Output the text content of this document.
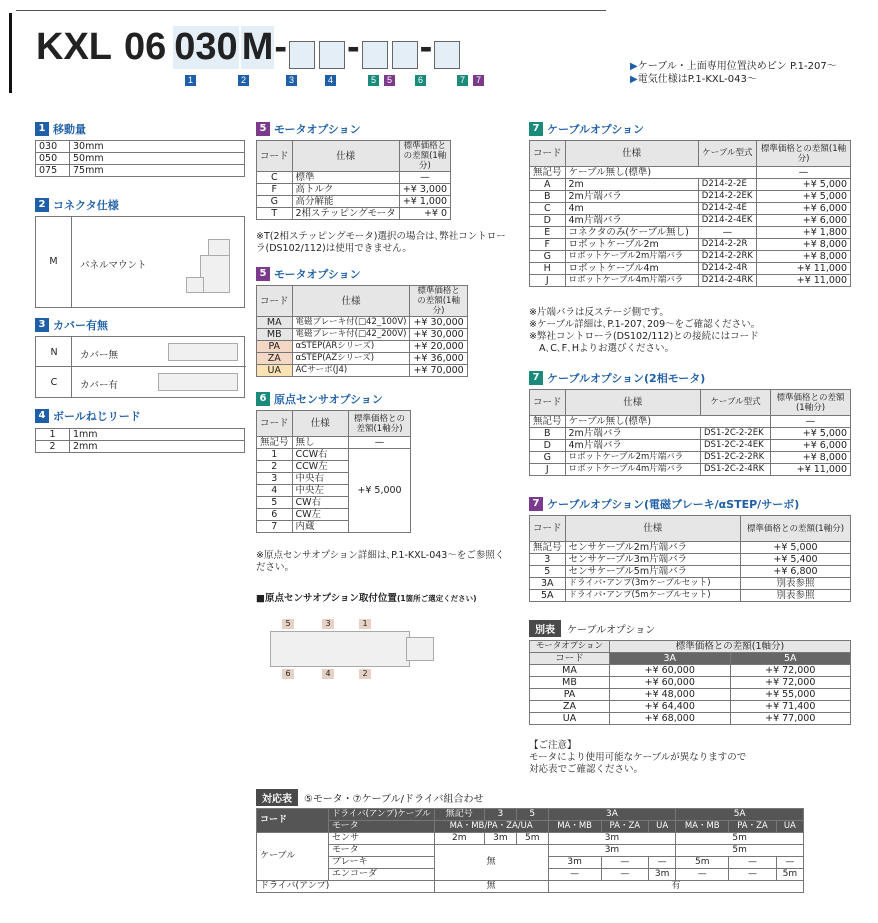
KXL 06 030 M - - -
1	2	3	4	5	5	6	7	7
▶ケーブル・上面専用位置決めピン P.1-207〜
▶電気仕様はP.1-KXL-043〜
1 移動量
030	30mm
050	50mm
075	75mm
2 コネクタ仕様
M	パネルマウント
3 カバー有無
N	カバー無
C	カバー有
4 ボールねじリード
1	1mm
2	2mm
5 モータオプション
コード	仕様	標準価格との差額(1軸分)
C	標準	—
F	高トルク	+¥ 3,000
G	高分解能	+¥ 1,000
T	2相ステッピングモータ	+¥ 0
※T(2相ステッピングモータ)選択の場合は､弊社コントローラ(DS102/112)は使用できません。
5 モータオプション
コード	仕様	標準価格との差額(1軸分)
MA	電磁ブレーキ付(□42_100V)	+¥ 30,000
MB	電磁ブレーキ付(□42_200V)	+¥ 30,000
PA	αSTEP(ARシリーズ)	+¥ 20,000
ZA	αSTEP(AZシリーズ)	+¥ 36,000
UA	ACサーボ(J4)	+¥ 70,000
6 原点センサオプション
コード	仕様	標準価格との差額(1軸分)
無記号	無し	—
1	CCW右	+¥ 5,000
2	CCW左	
3	中央右	
4	中央左	
5	CW右	
6	CW左	
7	内蔵	
※原点センサオプション詳細は､P.1-KXL-043〜をご参照ください。
■原点センサオプション取付位置(1箇所ご選定ください)
5	3	1
6	4	2
7 ケーブルオプション
コード	仕様	ケーブル型式	標準価格との差額(1軸分)
無記号	ケーブル無し(標準)		—
A	2m	D214-2-2E	+¥ 5,000
B	2m片端バラ	D214-2-2EK	+¥ 5,000
C	4m	D214-2-4E	+¥ 6,000
D	4m片端バラ	D214-2-4EK	+¥ 6,000
E	コネクタのみ(ケーブル無し)	—	+¥ 1,800
F	ロボットケーブル2m	D214-2-2R	+¥ 8,000
G	ロボットケーブル2m片端バラ	D214-2-2RK	+¥ 8,000
H	ロボットケーブル4m	D214-2-4R	+¥ 11,000
J	ロボットケーブル4m片端バラ	D214-2-4RK	+¥ 11,000
※片端バラは反ステージ側です。
※ケーブル詳細は､P.1-207､209〜をご確認ください。
※弊社コントローラ(DS102/112)との接続にはコード
A､C､F､Hよりお選びください。
7 ケーブルオプション(2相モータ)
コード	仕様	ケーブル型式	標準価格との差額(1軸分)
無記号	ケーブル無し(標準)		—
B	2m片端バラ	DS1-2C-2-2EK	+¥ 5,000
D	4m片端バラ	DS1-2C-2-4EK	+¥ 6,000
G	ロボットケーブル2m片端バラ	DS1-2C-2-2RK	+¥ 8,000
J	ロボットケーブル4m片端バラ	DS1-2C-2-4RK	+¥ 11,000
7 ケーブルオプション(電磁ブレーキ/αSTEP/サーボ)
コード	仕様	標準価格との差額(1軸分)
無記号	センサケーブル2m片端バラ	+¥ 5,000
3	センサケーブル3m片端バラ	+¥ 5,400
5	センサケーブル5m片端バラ	+¥ 6,800
3A	ドライバ･アンプ(3mケーブルセット)	別表参照
5A	ドライバ･アンプ(5mケーブルセット)	別表参照
別表	ケーブルオプション
モータオプション	標準価格との差額(1軸分)	
コード	3A	5A
MA	+¥ 60,000	+¥ 72,000
MB	+¥ 60,000	+¥ 72,000
PA	+¥ 48,000	+¥ 55,000
ZA	+¥ 64,400	+¥ 71,400
UA	+¥ 68,000	+¥ 77,000
【ご注意】
モータにより使用可能なケーブルが異なりますので
対応表でご確認ください。
対応表	⑤モータ・⑦ケーブル/ドライバ組合わせ
コード	ドライバ(アンプ)ケーブル	無記号	3	5	3A			5A		
	モータ	MA・MB/PA・ZA/UA			MA・MB	PA・ZA	UA	MA・MB	PA・ZA	UA
ケーブル	センサ	2m	3m	5m	3m			5m		
	モータ	無			3m			5m		
	ブレーキ				3m	—	—	5m	—	—
	エンコーダ				—	—	3m	—	—	5m
ドライバ(アンプ)		無			有					
